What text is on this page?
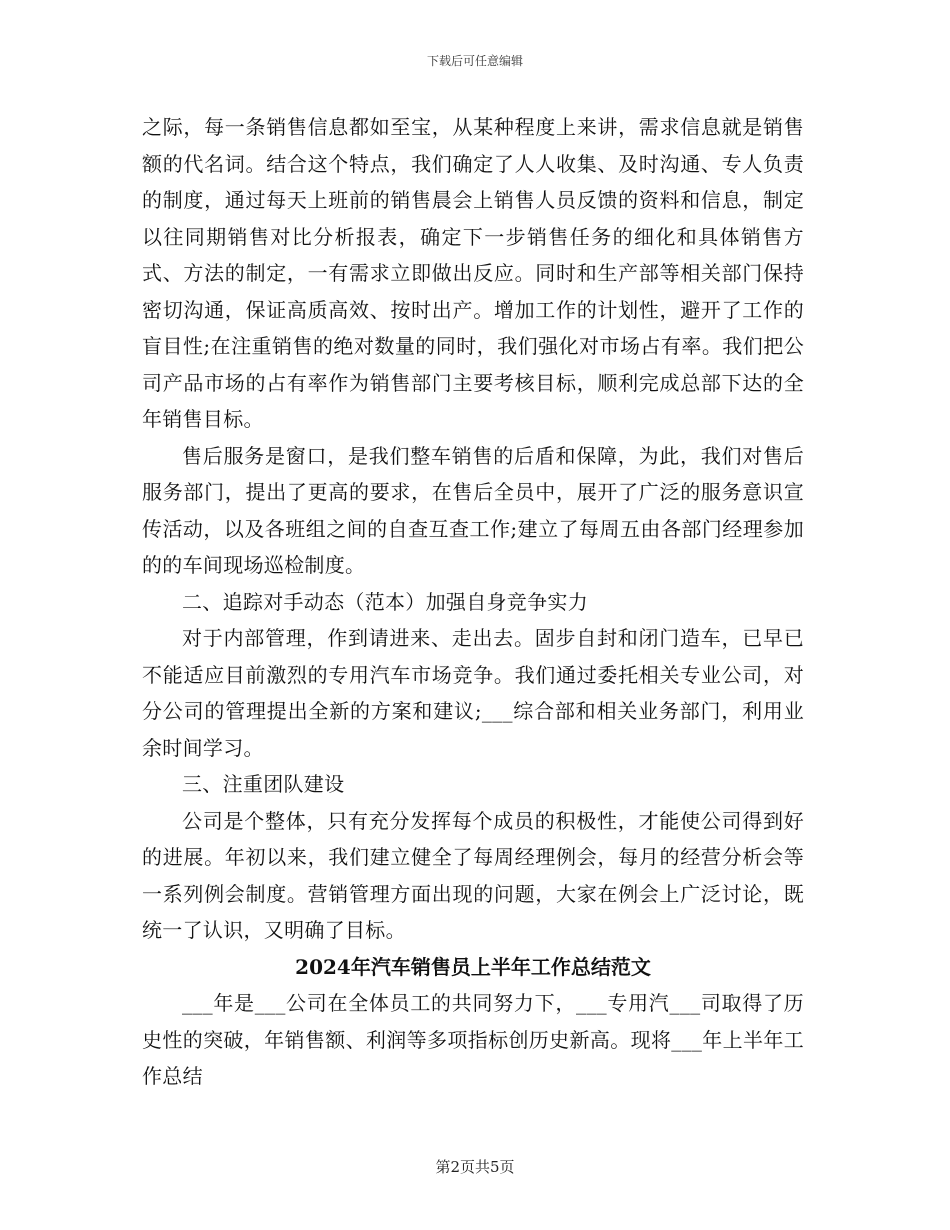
下载后可任意编辑

之际，每一条销售信息都如至宝，从某种程度上来讲，需求信息就是销售额的代名词。结合这个特点，我们确定了人人收集、及时沟通、专人负责的制度，通过每天上班前的销售晨会上销售人员反馈的资料和信息，制定以往同期销售对比分析报表，确定下一步销售任务的细化和具体销售方式、方法的制定，一有需求立即做出反应。同时和生产部等相关部门保持密切沟通，保证高质高效、按时出产。增加工作的计划性，避开了工作的盲目性;在注重销售的绝对数量的同时，我们强化对市场占有率。我们把公司产品市场的占有率作为销售部门主要考核目标，顺利完成总部下达的全年销售目标。

售后服务是窗口，是我们整车销售的后盾和保障，为此，我们对售后服务部门，提出了更高的要求，在售后全员中，展开了广泛的服务意识宣传活动，以及各班组之间的自查互查工作;建立了每周五由各部门经理参加的的车间现场巡检制度。

二、追踪对手动态（范本）加强自身竞争实力

对于内部管理，作到请进来、走出去。固步自封和闭门造车，已早已不能适应目前激烈的专用汽车市场竞争。我们通过委托相关专业公司，对分公司的管理提出全新的方案和建议;___综合部和相关业务部门，利用业余时间学习。

三、注重团队建设

公司是个整体，只有充分发挥每个成员的积极性，才能使公司得到好的进展。年初以来，我们建立健全了每周经理例会，每月的经营分析会等一系列例会制度。营销管理方面出现的问题，大家在例会上广泛讨论，既统一了认识，又明确了目标。

2024年汽车销售员上半年工作总结范文

___年是___公司在全体员工的共同努力下，___专用汽___司取得了历史性的突破，年销售额、利润等多项指标创历史新高。现将___年上半年工作总结

第2页共5页
